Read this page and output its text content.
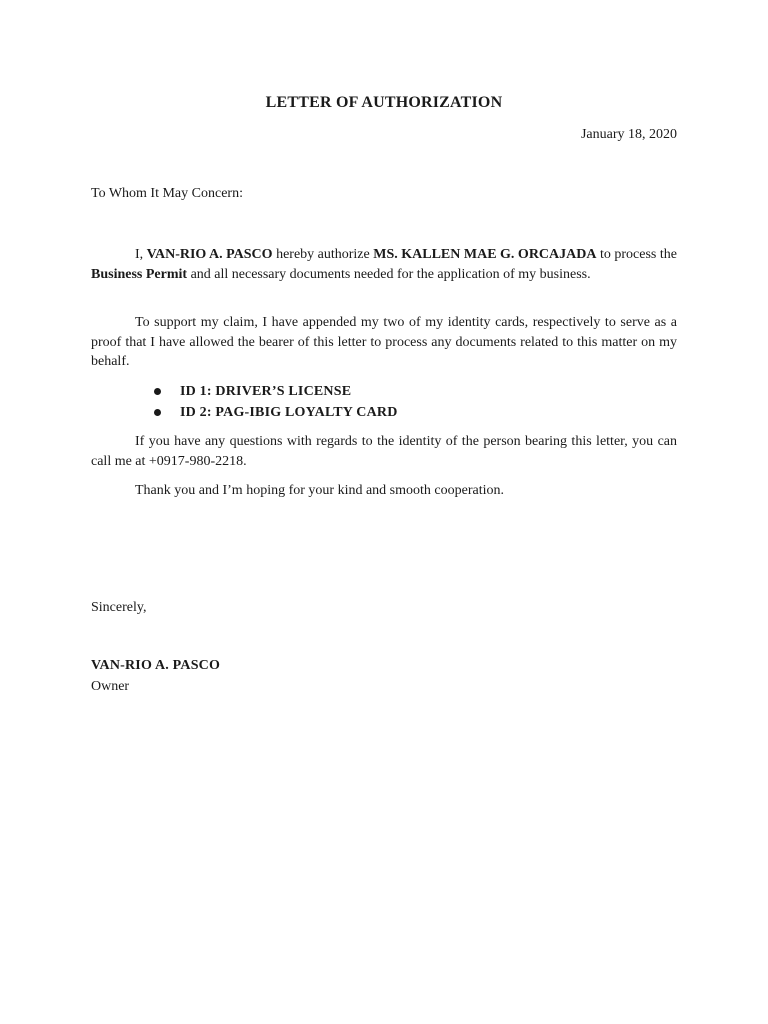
LETTER OF AUTHORIZATION
January 18, 2020
To Whom It May Concern:

I, VAN-RIO A. PASCO hereby authorize MS. KALLEN MAE G. ORCAJADA to process the Business Permit and all necessary documents needed for the application of my business.

To support my claim, I have appended my two of my identity cards, respectively to serve as a proof that I have allowed the bearer of this letter to process any documents related to this matter on my behalf.

ID 1: DRIVER’S LICENSE
ID 2: PAG-IBIG LOYALTY CARD

If you have any questions with regards to the identity of the person bearing this letter, you can call me at +0917-980-2218.

Thank you and I’m hoping for your kind and smooth cooperation.

Sincerely,
VAN-RIO A. PASCO
Owner
